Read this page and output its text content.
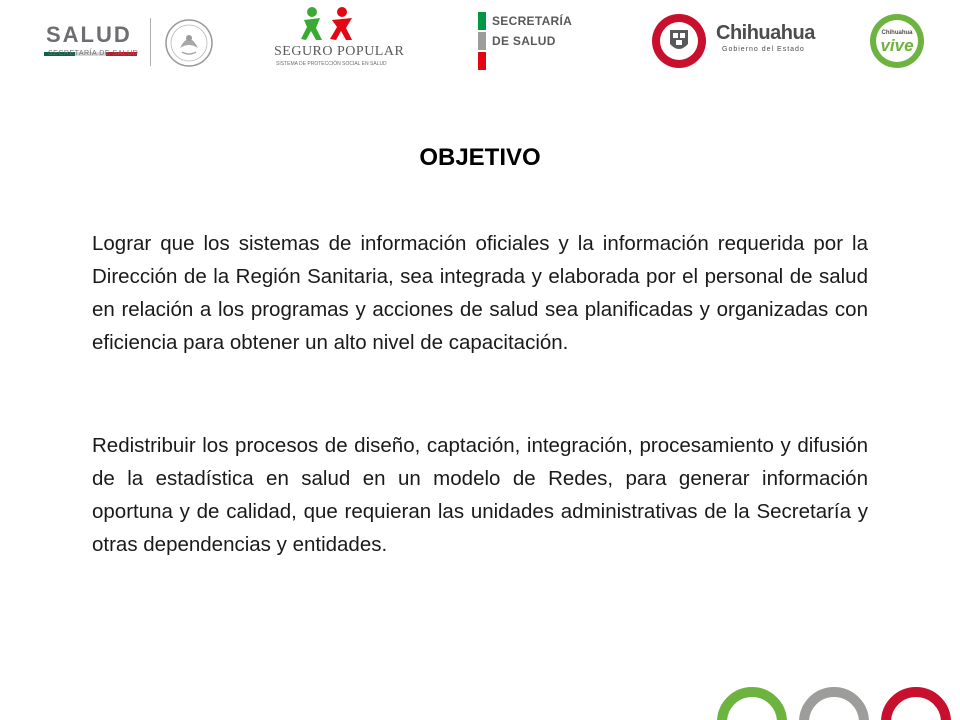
SALUD
SECRETARÍA DE SALUD	SEGURO POPULAR
SISTEMA DE PROTECCIÓN SOCIAL EN SALUD
SECRETARÍA
DE SALUD	Chihuahua
Gobierno del Estado
Chihuahua
vive
OBJETIVO

Lograr que los sistemas de información oficiales y la información requerida por la Dirección de la Región Sanitaria, sea integrada y elaborada por el personal de salud en relación a los programas y acciones de salud sea planificadas y organizadas con eficiencia para obtener un alto nivel de capacitación.

Redistribuir los procesos de diseño, captación, integración, procesamiento y difusión de la estadística en salud en un modelo de Redes, para generar información oportuna y de calidad, que requieran las unidades administrativas de la Secretaría y otras dependencias y entidades.
